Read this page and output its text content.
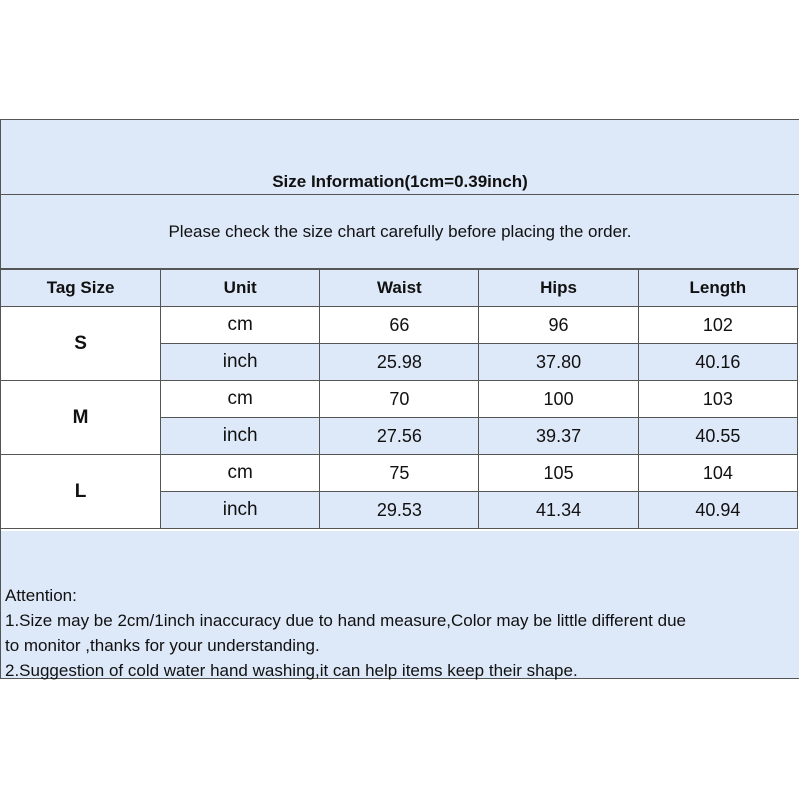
Size Information(1cm=0.39inch)
Please check the size chart carefully before placing the order.
Tag Size	Unit	Waist	Hips	Length
S	cm	66	96	102
	inch	25.98	37.80	40.16
M	cm	70	100	103
	inch	27.56	39.37	40.55
L	cm	75	105	104
	inch	29.53	41.34	40.94
Attention:
1.Size may be 2cm/1inch inaccuracy due to hand measure,Color may be little different due
to monitor ,thanks for your understanding.
2.Suggestion of cold water hand washing,it can help items keep their shape.
